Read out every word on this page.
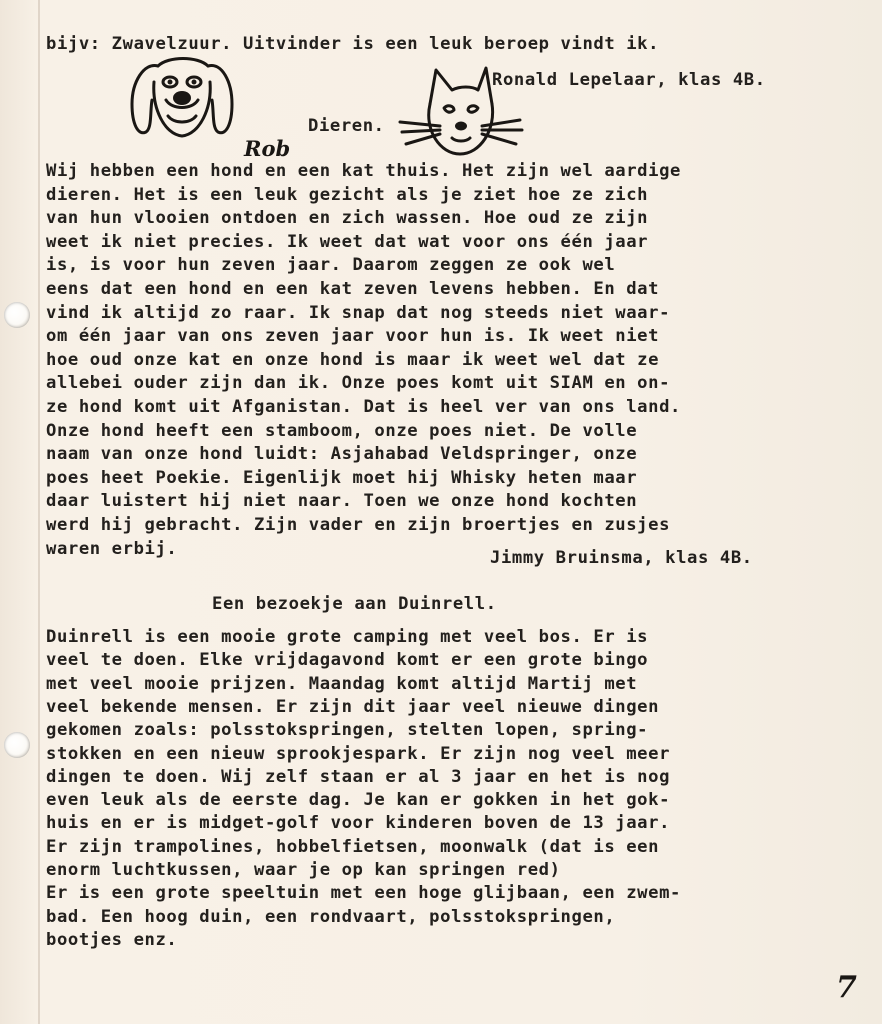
bijv: Zwavelzuur. Uitvinder is een leuk beroep vindt ik.
Ronald Lepelaar, klas 4B.
Rob
Dieren.
Wij hebben een hond en een kat thuis. Het zijn wel aardige
dieren. Het is een leuk gezicht als je ziet hoe ze zich
van hun vlooien ontdoen en zich wassen. Hoe oud ze zijn
weet ik niet precies. Ik weet dat wat voor ons één jaar
is, is voor hun zeven jaar. Daarom zeggen ze ook wel
eens dat een hond en een kat zeven levens hebben. En dat
vind ik altijd zo raar. Ik snap dat nog steeds niet waar-
om één jaar van ons zeven jaar voor hun is. Ik weet niet
hoe oud onze kat en onze hond is maar ik weet wel dat ze
allebei ouder zijn dan ik. Onze poes komt uit SIAM en on-
ze hond komt uit Afganistan. Dat is heel ver van ons land.
Onze hond heeft een stamboom, onze poes niet. De volle
naam van onze hond luidt: Asjahabad Veldspringer, onze
poes heet Poekie. Eigenlijk moet hij Whisky heten maar
daar luistert hij niet naar. Toen we onze hond kochten
werd hij gebracht. Zijn vader en zijn broertjes en zusjes
waren erbij.	Jimmy Bruinsma, klas 4B.
Een bezoekje aan Duinrell.
Duinrell is een mooie grote camping met veel bos. Er is
veel te doen. Elke vrijdagavond komt er een grote bingo
met veel mooie prijzen. Maandag komt altijd Martij met
veel bekende mensen. Er zijn dit jaar veel nieuwe dingen
gekomen zoals: polsstokspringen, stelten lopen, spring-
stokken en een nieuw sprookjespark. Er zijn nog veel meer
dingen te doen. Wij zelf staan er al 3 jaar en het is nog
even leuk als de eerste dag. Je kan er gokken in het gok-
huis en er is midget-golf voor kinderen boven de 13 jaar.
Er zijn trampolines, hobbelfietsen, moonwalk (dat is een
enorm luchtkussen, waar je op kan springen red)
Er is een grote speeltuin met een hoge glijbaan, een zwem-
bad. Een hoog duin, een rondvaart, polsstokspringen,
bootjes enz.
7
